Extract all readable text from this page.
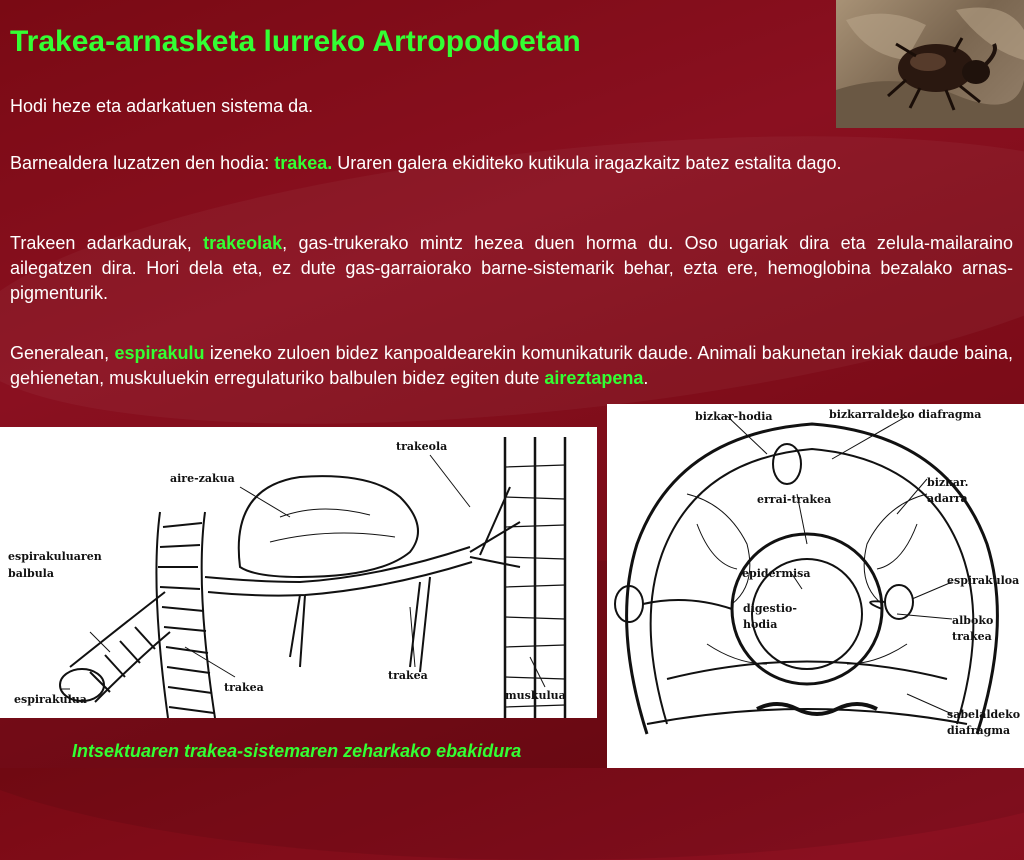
Trakea-arnasketa lurreko Artropodoetan

Hodi heze eta adarkatuen sistema da.

Barnealdera luzatzen den hodia: trakea. Uraren galera ekiditeko kutikula iragazkaitz batez estalita dago.

Trakeen adarkadurak, trakeolak, gas-trukerako mintz hezea duen horma du. Oso ugariak dira eta zelula-mailaraino ailegatzen dira. Hori dela eta, ez dute gas-garraiorako barne-sistemarik behar, ezta ere, hemoglobina bezalako arnas-pigmenturik.

Generalean, espirakulu izeneko zuloen bidez kanpoaldearekin komunikaturik daude. Animali bakunetan irekiak daude baina, gehienetan, muskuluekin erregulaturiko balbulen bidez egiten dute aireztapena.

trakeola
aire-zakua
espirakuluaren
balbula
espirakulua
trakea
trakea
muskulua
bizkar-hodia	bizkarraldeko diafragma
bizkar.
adarra
errai-trakea
epidermisa
digestio-
hodia
espirakuloa
alboko
trakea
sabelaldeko
diafragma

Intsektuaren trakea-sistemaren zeharkako ebakidura
